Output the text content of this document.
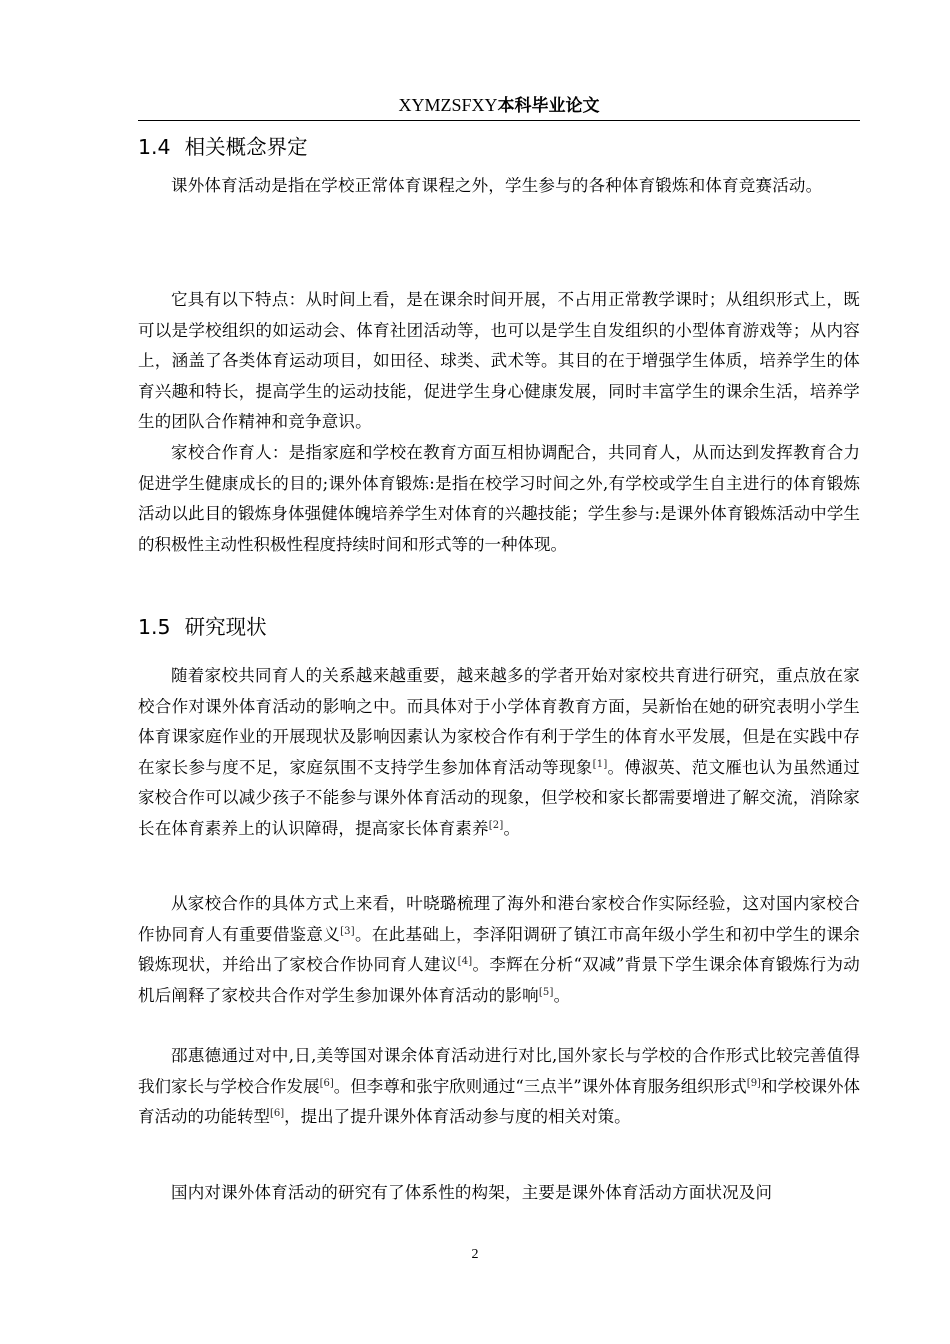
XYMZSFXY本科毕业论文
1.4 相关概念界定

课外体育活动是指在学校正常体育课程之外，学生参与的各种体育锻炼和体育竞赛活动。

它具有以下特点：从时间上看，是在课余时间开展，不占用正常教学课时；从组织形式上，既可以是学校组织的如运动会、体育社团活动等，也可以是学生自发组织的小型体育游戏等；从内容上，涵盖了各类体育运动项目，如田径、球类、武术等。其目的在于增强学生体质，培养学生的体育兴趣和特长，提高学生的运动技能，促进学生身心健康发展，同时丰富学生的课余生活，培养学生的团队合作精神和竞争意识。

家校合作育人：是指家庭和学校在教育方面互相协调配合，共同育人，从而达到发挥教育合力促进学生健康成长的目的;课外体育锻炼:是指在校学习时间之外,有学校或学生自主进行的体育锻炼活动以此目的锻炼身体强健体魄培养学生对体育的兴趣技能；学生参与:是课外体育锻炼活动中学生的积极性主动性积极性程度持续时间和形式等的一种体现。

1.5 研究现状

随着家校共同育人的关系越来越重要，越来越多的学者开始对家校共育进行研究，重点放在家校合作对课外体育活动的影响之中。而具体对于小学体育教育方面，吴新怡在她的研究表明小学生体育课家庭作业的开展现状及影响因素认为家校合作有利于学生的体育水平发展，但是在实践中存在家长参与度不足，家庭氛围不支持学生参加体育活动等现象[1]。傅淑英、范文雁也认为虽然通过家校合作可以减少孩子不能参与课外体育活动的现象，但学校和家长都需要增进了解交流，消除家长在体育素养上的认识障碍，提高家长体育素养[2]。

从家校合作的具体方式上来看，叶晓璐梳理了海外和港台家校合作实际经验，这对国内家校合作协同育人有重要借鉴意义[3]。在此基础上，李泽阳调研了镇江市高年级小学生和初中学生的课余锻炼现状，并给出了家校合作协同育人建议[4]。李辉在分析“双减”背景下学生课余体育锻炼行为动机后阐释了家校共合作对学生参加课外体育活动的影响[5]。

邵惠德通过对中,日,美等国对课余体育活动进行对比,国外家长与学校的合作形式比较完善值得我们家长与学校合作发展[6]。但李尊和张宇欣则通过“三点半”课外体育服务组织形式[9]和学校课外体育活动的功能转型[6]，提出了提升课外体育活动参与度的相关对策。

国内对课外体育活动的研究有了体系性的构架，主要是课外体育活动方面状况及问

2
